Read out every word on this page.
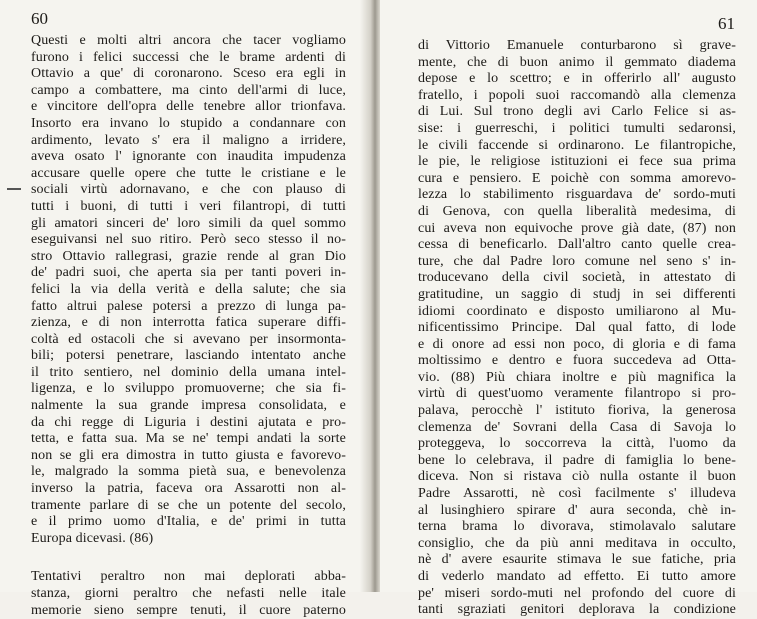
60
Questi e molti altri ancora che tacer vogliamo
furono i felici successi che le brame ardenti di
Ottavio a que' di coronarono. Sceso era egli in
campo a combattere, ma cinto dell'armi di luce,
e vincitore dell'opra delle tenebre allor trionfava.
Insorto era invano lo stupido a condannare con
ardimento, levato s' era il maligno a irridere,
aveva osato l' ignorante con inaudita impudenza
accusare quelle opere che tutte le cristiane e le
sociali virtù adornavano, e che con plauso di
tutti i buoni, di tutti i veri filantropi, di tutti
gli amatori sinceri de' loro simili da quel sommo
eseguivansi nel suo ritiro. Però seco stesso il no-
stro Ottavio rallegrasi, grazie rende al gran Dio
de' padri suoi, che aperta sia per tanti poveri in-
felici la via della verità e della salute; che sia
fatto altrui palese potersi a prezzo di lunga pa-
zienza, e di non interrotta fatica superare diffi-
coltà ed ostacoli che si avevano per insormonta-
bili; potersi penetrare, lasciando intentato anche
il trito sentiero, nel dominio della umana intel-
ligenza, e lo sviluppo promuoverne; che sia fi-
nalmente la sua grande impresa consolidata, e
da chi regge di Liguria i destini ajutata e pro-
tetta, e fatta sua. Ma se ne' tempi andati la sorte
non se gli era dimostra in tutto giusta e favorevo-
le, malgrado la somma pietà sua, e benevolenza
inverso la patria, faceva ora Assarotti non al-
tramente parlare di se che un potente del secolo,
e il primo uomo d'Italia, e de' primi in tutta
Europa dicevasi. (86)
Tentativi peraltro non mai deplorati abba-
stanza, giorni peraltro che nefasti nelle itale
memorie sieno sempre tenuti, il cuore paterno
61
di Vittorio Emanuele conturbarono sì grave-
mente, che di buon animo il gemmato diadema
depose e lo scettro; e in offerirlo all' augusto
fratello, i popoli suoi raccomandò alla clemenza
di Lui. Sul trono degli avi Carlo Felice si as-
sise: i guerreschi, i politici tumulti sedaronsi,
le civili faccende si ordinarono. Le filantropiche,
le pie, le religiose istituzioni ei fece sua prima
cura e pensiero. E poichè con somma amorevo-
lezza lo stabilimento risguardava de' sordo-muti
di Genova, con quella liberalità medesima, di
cui aveva non equivoche prove già date, (87) non
cessa di beneficarlo. Dall'altro canto quelle crea-
ture, che dal Padre loro comune nel seno s' in-
troducevano della civil società, in attestato di
gratitudine, un saggio di studj in sei differenti
idiomi coordinato e disposto umiliarono al Mu-
nificentissimo Principe. Dal qual fatto, di lode
e di onore ad essi non poco, di gloria e di fama
moltissimo e dentro e fuora succedeva ad Otta-
vio. (88) Più chiara inoltre e più magnifica la
virtù di quest'uomo veramente filantropo si pro-
palava, perocchè l' istituto fioriva, la generosa
clemenza de' Sovrani della Casa di Savoja lo
proteggeva, lo soccorreva la città, l'uomo da
bene lo celebrava, il padre di famiglia lo bene-
diceva. Non si ristava ciò nulla ostante il buon
Padre Assarotti, nè così facilmente s' illudeva
al lusinghiero spirare d' aura seconda, chè in-
terna brama lo divorava, stimolavalo salutare
consiglio, che da più anni meditava in occulto,
nè d' avere esaurite stimava le sue fatiche, pria
di vederlo mandato ad effetto. Ei tutto amore
pe' miseri sordo-muti nel profondo del cuore di
tanti sgraziati genitori deplorava la condizione
